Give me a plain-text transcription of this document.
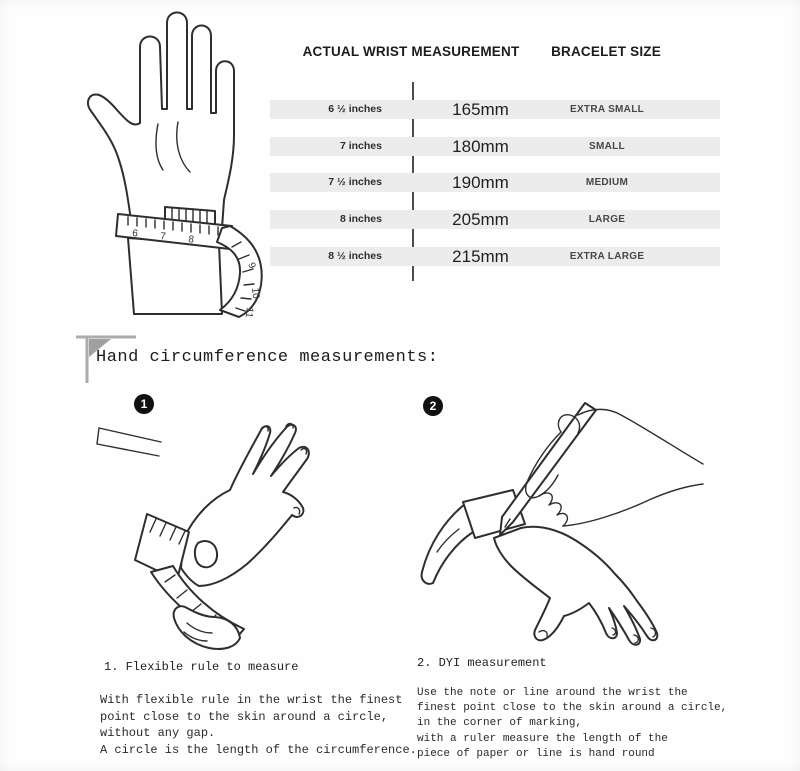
6 7 8
9
10
11
ACTUAL WRIST MEASUREMENT	BRACELET SIZE
6 ½ inches	165mm	EXTRA SMALL
7 inches	180mm	SMALL
7 ½ inches	190mm	MEDIUM
8 inches	205mm	LARGE
8 ½ inches	215mm	EXTRA LARGE
Hand circumference measurements:
1	2
1. Flexible rule to measure
With flexible rule in the wrist the finest
point close to the skin around a circle,
without any gap.
A circle is the length of the circumference.
2. DYI measurement
Use the note or line around the wrist the
finest point close to the skin around a circle,
in the corner of marking,
with a ruler measure the length of the
piece of paper or line is hand round
